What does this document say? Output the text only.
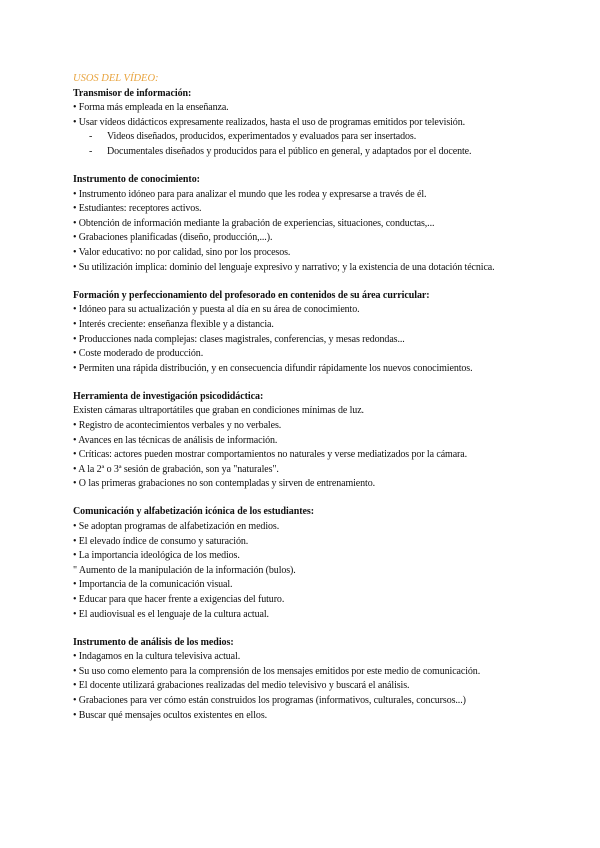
USOS DEL VÍDEO:
Transmisor de información:
• Forma más empleada en la enseñanza.
• Usar vídeos didácticos expresamente realizados, hasta el uso de programas emitidos por televisión.
-	Videos diseñados, producidos, experimentados y evaluados para ser insertados.
-	Documentales diseñados y producidos para el público en general, y adaptados por el docente.
Instrumento de conocimiento:
• Instrumento idóneo para para analizar el mundo que les rodea y expresarse a través de él.
• Estudiantes: receptores activos.
• Obtención de información mediante la grabación de experiencias, situaciones, conductas,...
• Grabaciones planificadas (diseño, producción,...).
• Valor educativo: no por calidad, sino por los procesos.
• Su utilización implica: dominio del lenguaje expresivo y narrativo; y la existencia de una dotación técnica.
Formación y perfeccionamiento del profesorado en contenidos de su área curricular:
• Idóneo para su actualización y puesta al día en su área de conocimiento.
• Interés creciente: enseñanza flexible y a distancia.
• Producciones nada complejas: clases magistrales, conferencias, y mesas redondas...
• Coste moderado de producción.
• Permiten una rápida distribución, y en consecuencia difundir rápidamente los nuevos conocimientos.
Herramienta de investigación psicodidáctica:
Existen cámaras ultraportátiles que graban en condiciones mínimas de luz.
• Registro de acontecimientos verbales y no verbales.
• Avances en las técnicas de análisis de información.
• Críticas: actores pueden mostrar comportamientos no naturales y verse mediatizados por la cámara.
• A la 2ª o 3ª sesión de grabación, son ya "naturales".
• O las primeras grabaciones no son contempladas y sirven de entrenamiento.
Comunicación y alfabetización icónica de los estudiantes:
• Se adoptan programas de alfabetización en medios.
• El elevado índice de consumo y saturación.
• La importancia ideológica de los medios.
" Aumento de la manipulación de la información (bulos).
• Importancia de la comunicación visual.
• Educar para que hacer frente a exigencias del futuro.
• El audiovisual es el lenguaje de la cultura actual.
Instrumento de análisis de los medios:
• Indagamos en la cultura televisiva actual.
• Su uso como elemento para la comprensión de los mensajes emitidos por este medio de comunicación.
• El docente utilizará grabaciones realizadas del medio televisivo y buscará el análisis.
• Grabaciones para ver cómo están construidos los programas (informativos, culturales, concursos...)
• Buscar qué mensajes ocultos existentes en ellos.
